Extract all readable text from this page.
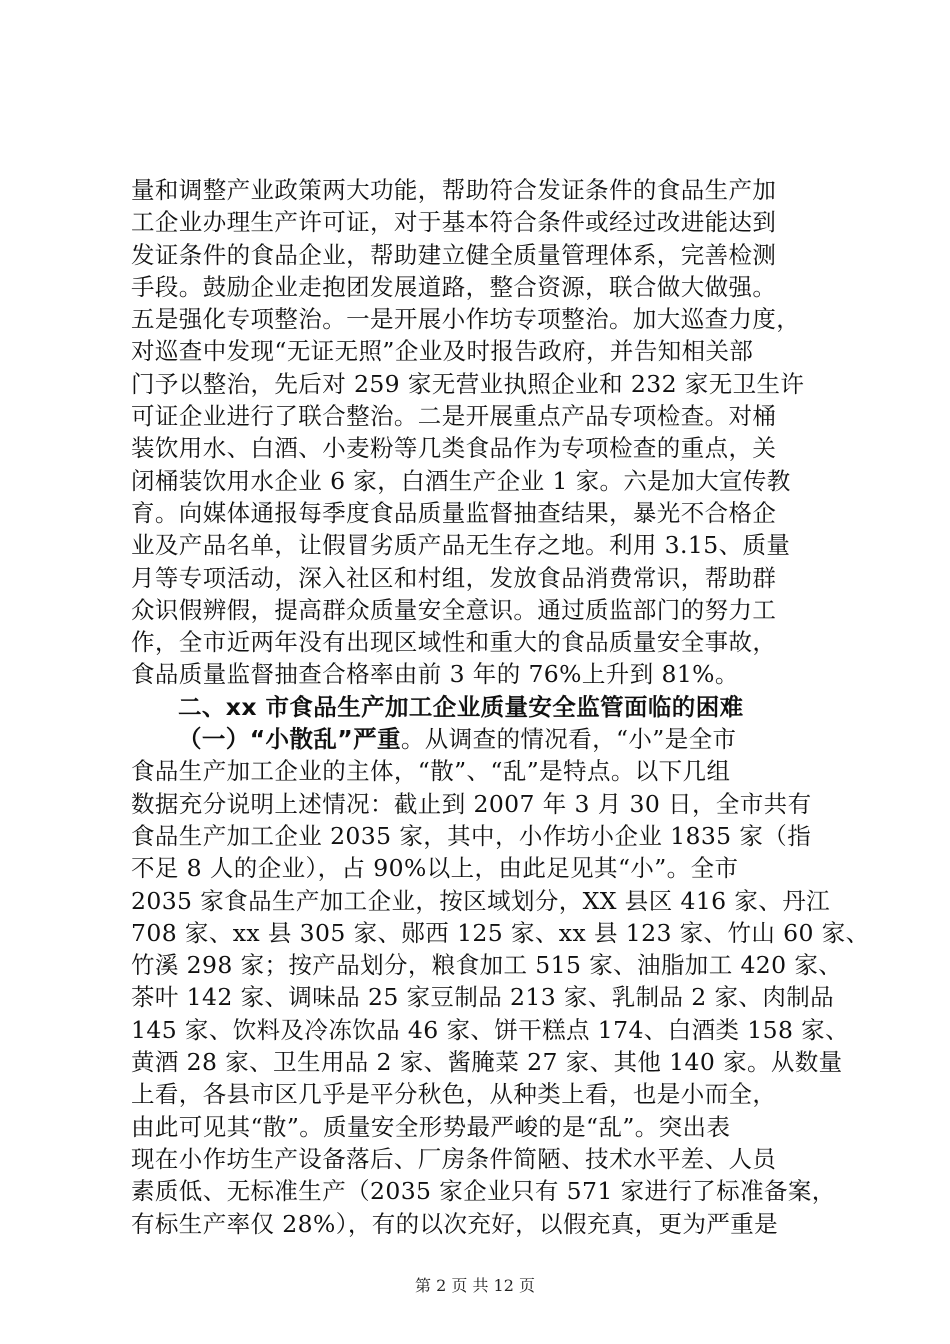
量和调整产业政策两大功能，帮助符合发证条件的食品生产加
工企业办理生产许可证，对于基本符合条件或经过改进能达到
发证条件的食品企业，帮助建立健全质量管理体系，完善检测
手段。鼓励企业走抱团发展道路，整合资源，联合做大做强。
五是强化专项整治。一是开展小作坊专项整治。加大巡查力度，
对巡查中发现“无证无照”企业及时报告政府，并告知相关部
门予以整治，先后对 259 家无营业执照企业和 232 家无卫生许
可证企业进行了联合整治。二是开展重点产品专项检查。对桶
装饮用水、白酒、小麦粉等几类食品作为专项检查的重点，关
闭桶装饮用水企业 6 家，白酒生产企业 1 家。六是加大宣传教
育。向媒体通报每季度食品质量监督抽查结果，暴光不合格企
业及产品名单，让假冒劣质产品无生存之地。利用 3.15、质量
月等专项活动，深入社区和村组，发放食品消费常识，帮助群
众识假辨假，提高群众质量安全意识。通过质监部门的努力工
作，全市近两年没有出现区域性和重大的食品质量安全事故，
食品质量监督抽查合格率由前 3 年的 76%上升到 81%。
二、xx 市食品生产加工企业质量安全监管面临的困难
（一）“小散乱”严重。从调查的情况看，“小”是全市
食品生产加工企业的主体，“散”、“乱”是特点。以下几组
数据充分说明上述情况：截止到 2007 年 3 月 30 日，全市共有
食品生产加工企业 2035 家，其中，小作坊小企业 1835 家（指
不足 8 人的企业），占 90%以上，由此足见其“小”。全市
2035 家食品生产加工企业，按区域划分，XX 县区 416 家、丹江
708 家、xx 县 305 家、郧西 125 家、xx 县 123 家、竹山 60 家、
竹溪 298 家；按产品划分，粮食加工 515 家、油脂加工 420 家、
茶叶 142 家、调味品 25 家豆制品 213 家、乳制品 2 家、肉制品
145 家、饮料及冷冻饮品 46 家、饼干糕点 174、白酒类 158 家、
黄酒 28 家、卫生用品 2 家、酱腌菜 27 家、其他 140 家。从数量
上看，各县市区几乎是平分秋色，从种类上看，也是小而全，
由此可见其“散”。质量安全形势最严峻的是“乱”。突出表
现在小作坊生产设备落后、厂房条件简陋、技术水平差、人员
素质低、无标准生产（2035 家企业只有 571 家进行了标准备案，
有标生产率仅 28%），有的以次充好，以假充真，更为严重是
第 2 页 共 12 页
